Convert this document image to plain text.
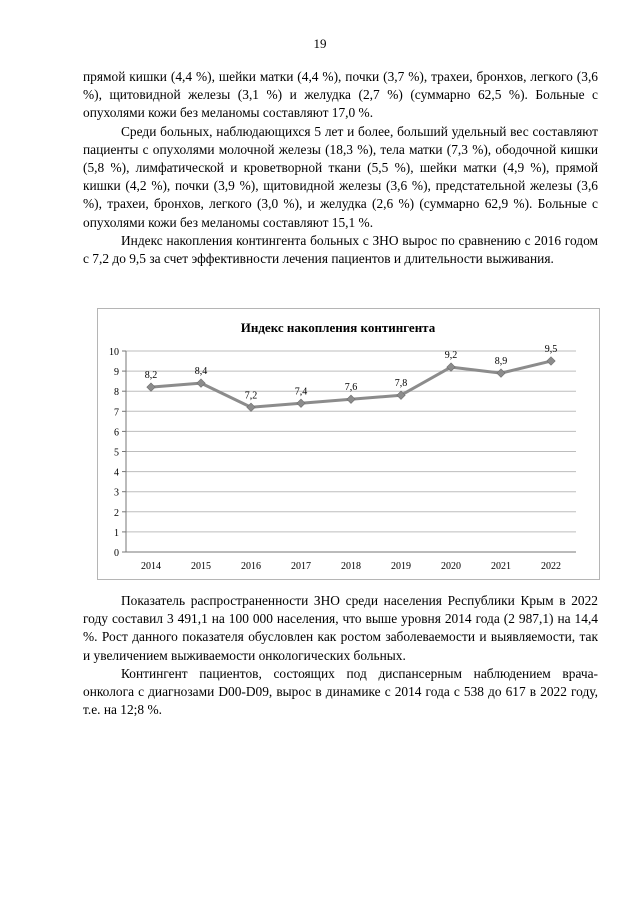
19

прямой кишки (4,4 %), шейки матки (4,4 %), почки (3,7 %), трахеи, бронхов, легкого (3,6 %), щитовидной железы (3,1 %) и желудка (2,7 %) (суммарно 62,5 %). Больные с опухолями кожи без меланомы составляют 17,0 %.

Среди больных, наблюдающихся 5 лет и более, больший удельный вес составляют пациенты с опухолями молочной железы (18,3 %), тела матки (7,3 %), ободочной кишки (5,8 %), лимфатической и кроветворной ткани (5,5 %), шейки матки (4,9 %), прямой кишки (4,2 %), почки (3,9 %), щитовидной железы (3,6 %), предстательной железы (3,6 %), трахеи, бронхов, легкого (3,0 %), и желудка (2,6 %) (суммарно 62,9 %). Больные с опухолями кожи без меланомы составляют 15,1 %.

Индекс накопления контингента больных с ЗНО вырос по сравнению с 2016 годом с 7,2 до 9,5 за счет эффективности лечения пациентов и длительности выживания.

Индекс накопления контингента
0
1
2
3
4
5
6
7
8
9
10
2014	2015	2016	2017	2018	2019	2020	2021	2022
8,2	8,4
7,2	7,4	7,6	7,8
9,2
8,9
9,5

Показатель распространенности ЗНО среди населения Республики Крым в 2022 году составил 3 491,1 на 100 000 населения, что выше уровня 2014 года (2 987,1) на 14,4 %. Рост данного показателя обусловлен как ростом заболеваемости и выявляемости, так и увеличением выживаемости онкологических больных.

Контингент пациентов, состоящих под диспансерным наблюдением врача-онколога с диагнозами D00-D09, вырос в динамике с 2014 года с 538 до 617 в 2022 году, т.е. на 12;8 %.
